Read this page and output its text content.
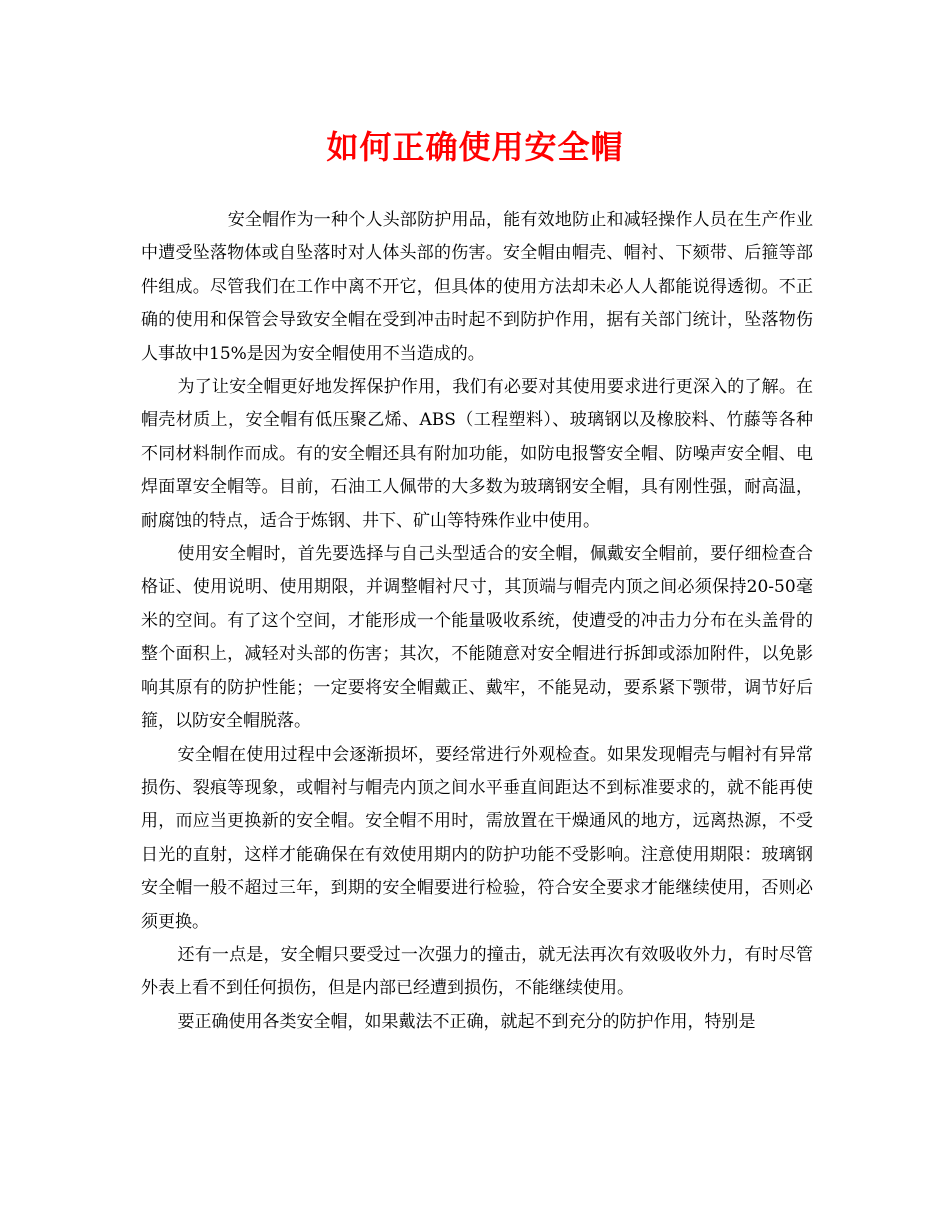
如何正确使用安全帽

安全帽作为一种个人头部防护用品，能有效地防止和减轻操作人员在生产作业中遭受坠落物体或自坠落时对人体头部的伤害。安全帽由帽壳、帽衬、下颏带、后箍等部件组成。尽管我们在工作中离不开它，但具体的使用方法却未必人人都能说得透彻。不正确的使用和保管会导致安全帽在受到冲击时起不到防护作用，据有关部门统计，坠落物伤人事故中15%是因为安全帽使用不当造成的。

为了让安全帽更好地发挥保护作用，我们有必要对其使用要求进行更深入的了解。在帽壳材质上，安全帽有低压聚乙烯、ABS（工程塑料）、玻璃钢以及橡胶料、竹藤等各种不同材料制作而成。有的安全帽还具有附加功能，如防电报警安全帽、防噪声安全帽、电焊面罩安全帽等。目前，石油工人佩带的大多数为玻璃钢安全帽，具有刚性强，耐高温，耐腐蚀的特点，适合于炼钢、井下、矿山等特殊作业中使用。

使用安全帽时，首先要选择与自己头型适合的安全帽，佩戴安全帽前，要仔细检查合格证、使用说明、使用期限，并调整帽衬尺寸，其顶端与帽壳内顶之间必须保持20-50毫米的空间。有了这个空间，才能形成一个能量吸收系统，使遭受的冲击力分布在头盖骨的整个面积上，减轻对头部的伤害；其次，不能随意对安全帽进行拆卸或添加附件，以免影响其原有的防护性能；一定要将安全帽戴正、戴牢，不能晃动，要系紧下颚带，调节好后箍，以防安全帽脱落。

安全帽在使用过程中会逐渐损坏，要经常进行外观检查。如果发现帽壳与帽衬有异常损伤、裂痕等现象，或帽衬与帽壳内顶之间水平垂直间距达不到标准要求的，就不能再使用，而应当更换新的安全帽。安全帽不用时，需放置在干燥通风的地方，远离热源，不受日光的直射，这样才能确保在有效使用期内的防护功能不受影响。注意使用期限：玻璃钢安全帽一般不超过三年，到期的安全帽要进行检验，符合安全要求才能继续使用，否则必须更换。

还有一点是，安全帽只要受过一次强力的撞击，就无法再次有效吸收外力，有时尽管外表上看不到任何损伤，但是内部已经遭到损伤，不能继续使用。

要正确使用各类安全帽，如果戴法不正确，就起不到充分的防护作用，特别是
